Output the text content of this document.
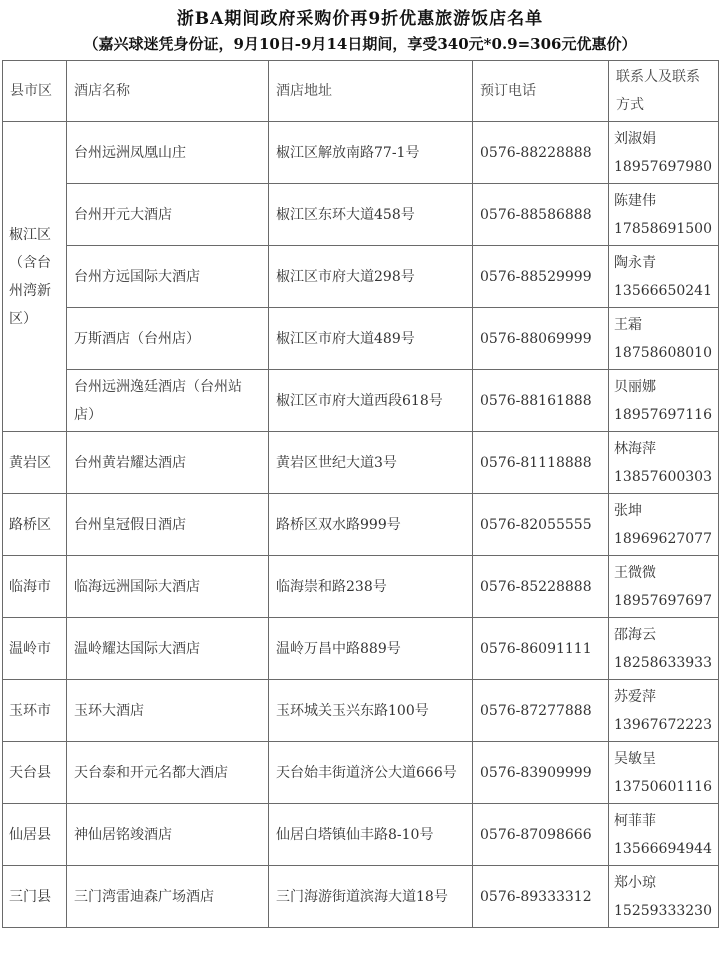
浙BA期间政府采购价再9折优惠旅游饭店名单
（嘉兴球迷凭身份证，9月10日-9月14日期间，享受340元*0.9=306元优惠价）
县市区	酒店名称	酒店地址	预订电话	联系人及联系方式
椒江区（含台州湾新区）	台州远洲凤凰山庄	椒江区解放南路77-1号	0576-88228888	刘淑娟
18957697980

	台州开元大酒店	椒江区东环大道458号	0576-88586888	陈建伟
17858691500

	台州方远国际大酒店	椒江区市府大道298号	0576-88529999	陶永青
13566650241

	万斯酒店（台州店）	椒江区市府大道489号	0576-88069999	王霜
18758608010

	台州远洲逸廷酒店（台州站店）	椒江区市府大道西段618号	0576-88161888	贝丽娜
18957697116

黄岩区	台州黄岩耀达酒店	黄岩区世纪大道3号	0576-81118888	林海萍
13857600303

路桥区	台州皇冠假日酒店	路桥区双水路999号	0576-82055555	张坤
18969627077

临海市	临海远洲国际大酒店	临海崇和路238号	0576-85228888	王微微
18957697697

温岭市	温岭耀达国际大酒店	温岭万昌中路889号	0576-86091111	邵海云
18258633933

玉环市	玉环大酒店	玉环城关玉兴东路100号	0576-87277888	苏爱萍
13967672223

天台县	天台泰和开元名都大酒店	天台始丰街道济公大道666号	0576-83909999	吴敏呈
13750601116

仙居县	神仙居铭竣酒店	仙居白塔镇仙丰路8-10号	0576-87098666	柯菲菲
13566694944

三门县	三门湾雷迪森广场酒店	三门海游街道滨海大道18号	0576-89333312	郑小琼
15259333230
